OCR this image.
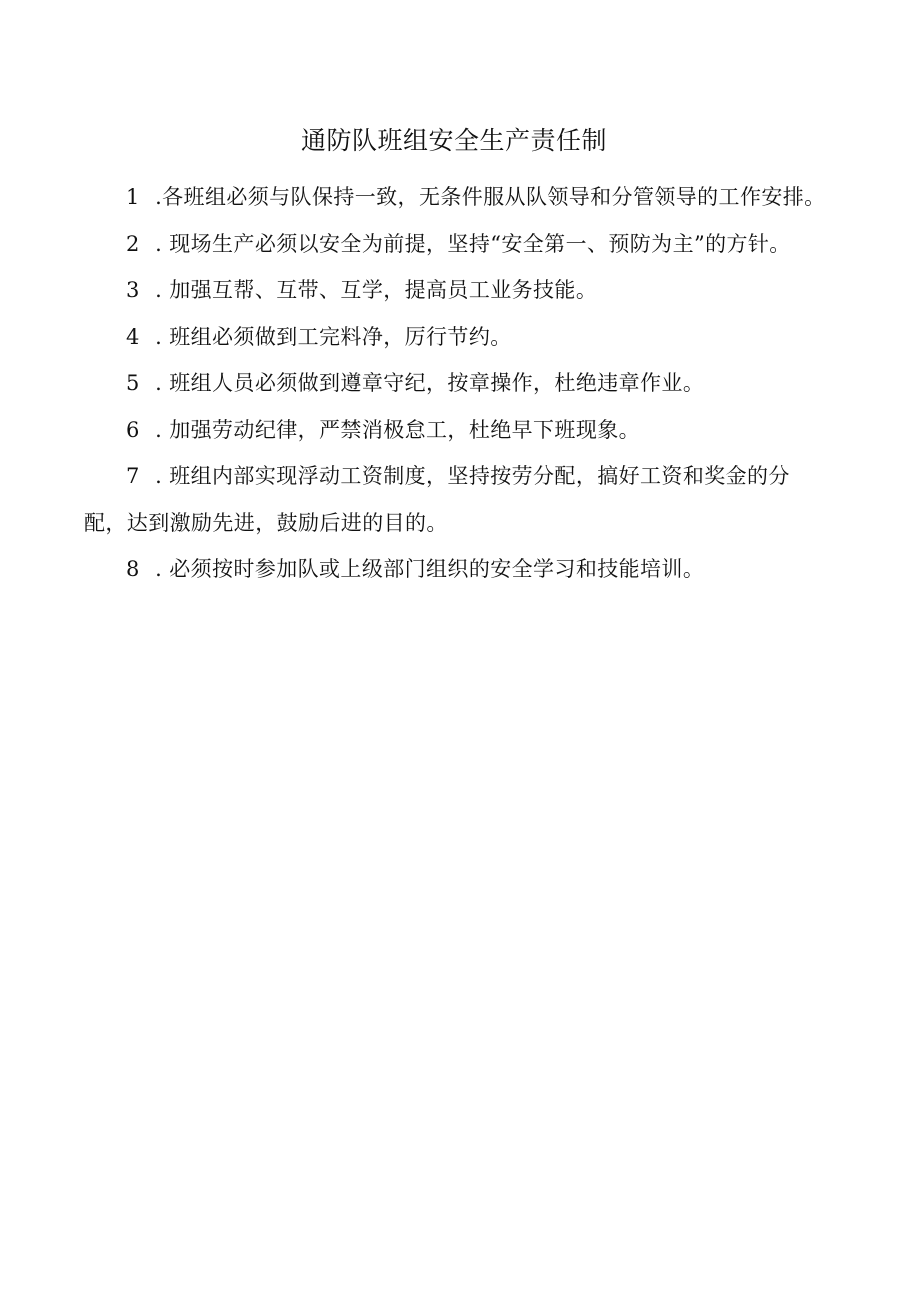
通防队班组安全生产责任制
1 .各班组必须与队保持一致，无条件服从队领导和分管领导的工作安排。
2 . 现场生产必须以安全为前提，坚持“安全第一、预防为主”的方针。
3 . 加强互帮、互带、互学，提高员工业务技能。
4 . 班组必须做到工完料净，厉行节约。
5 . 班组人员必须做到遵章守纪，按章操作，杜绝违章作业。
6 . 加强劳动纪律，严禁消极怠工，杜绝早下班现象。
7 . 班组内部实现浮动工资制度，坚持按劳分配，搞好工资和奖金的分配，达到激励先进，鼓励后进的目的。
8 . 必须按时参加队或上级部门组织的安全学习和技能培训。
